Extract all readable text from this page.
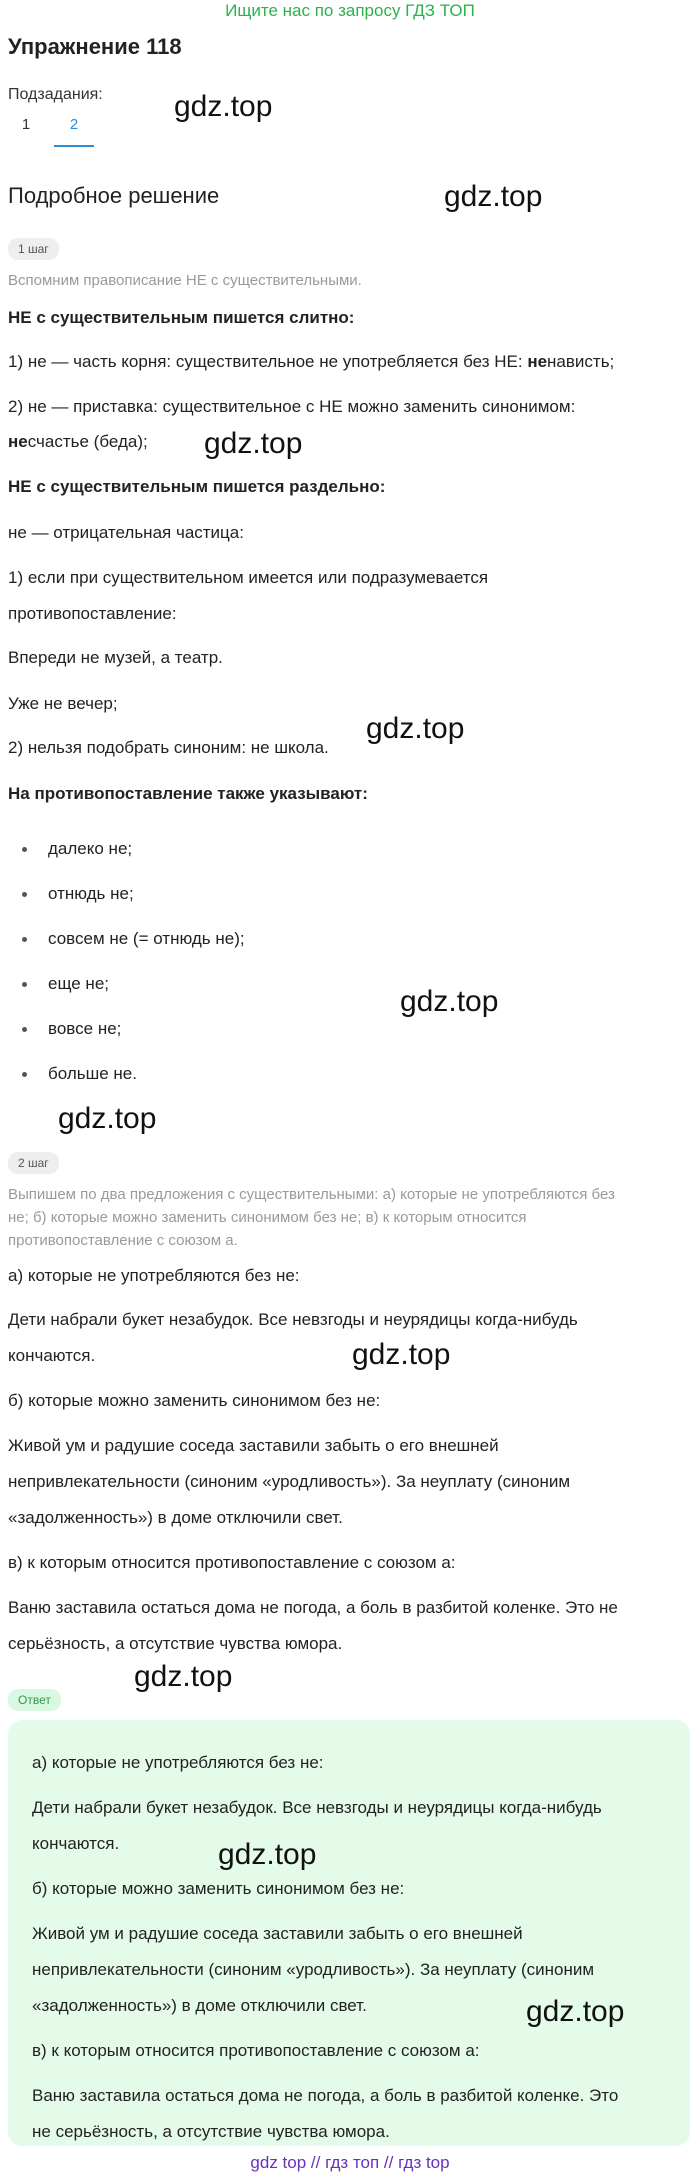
Ищите нас по запросу ГДЗ ТОП
Упражнение 118
Подзадания:
1	2
gdz.top
Подробное решение	gdz.top
1 шаг
Вспомним правописание НЕ с существительными.
НЕ с существительным пишется слитно:
1) не — часть корня: существительное не употребляется без НЕ: ненависть;
2) не — приставка: существительное с НЕ можно заменить синонимом:
несчастье (беда); gdz.top
НЕ с существительным пишется раздельно:
не — отрицательная частица:
1) если при существительном имеется или подразумевается
противопоставление:
Впереди не музей, а театр.
Уже не вечер;
2) нельзя подобрать синоним: не школа.
gdz.top
На противопоставление также указывают:
далеко не;
отнюдь не;
совсем не (= отнюдь не);
еще не;
вовсе не;
больше не.
gdz.top
gdz.top
2 шаг
Выпишем по два предложения с существительными: а) которые не употребляются без
не; б) которые можно заменить синонимом без не; в) к которым относится
противопоставление с союзом а.
а) которые не употребляются без не:
Дети набрали букет незабудок. Все невзгоды и неурядицы когда-нибудь
кончаются.	gdz.top
б) которые можно заменить синонимом без не:
Живой ум и радушие соседа заставили забыть о его внешней
непривлекательности (синоним «уродливость»). За неуплату (синоним
«задолженность») в доме отключили свет.
в) к которым относится противопоставление с союзом а:
Ваню заставила остаться дома не погода, а боль в разбитой коленке. Это не
серьёзность, а отсутствие чувства юмора.
Ответ
gdz.top
а) которые не употребляются без не:
Дети набрали букет незабудок. Все невзгоды и неурядицы когда-нибудь
кончаются.	gdz.top
б) которые можно заменить синонимом без не:
Живой ум и радушие соседа заставили забыть о его внешней
непривлекательности (синоним «уродливость»). За неуплату (синоним
«задолженность») в доме отключили свет.	gdz.top
в) к которым относится противопоставление с союзом а:
Ваню заставила остаться дома не погода, а боль в разбитой коленке. Это
не серьёзность, а отсутствие чувства юмора.
gdz top // гдз топ // гдз top
